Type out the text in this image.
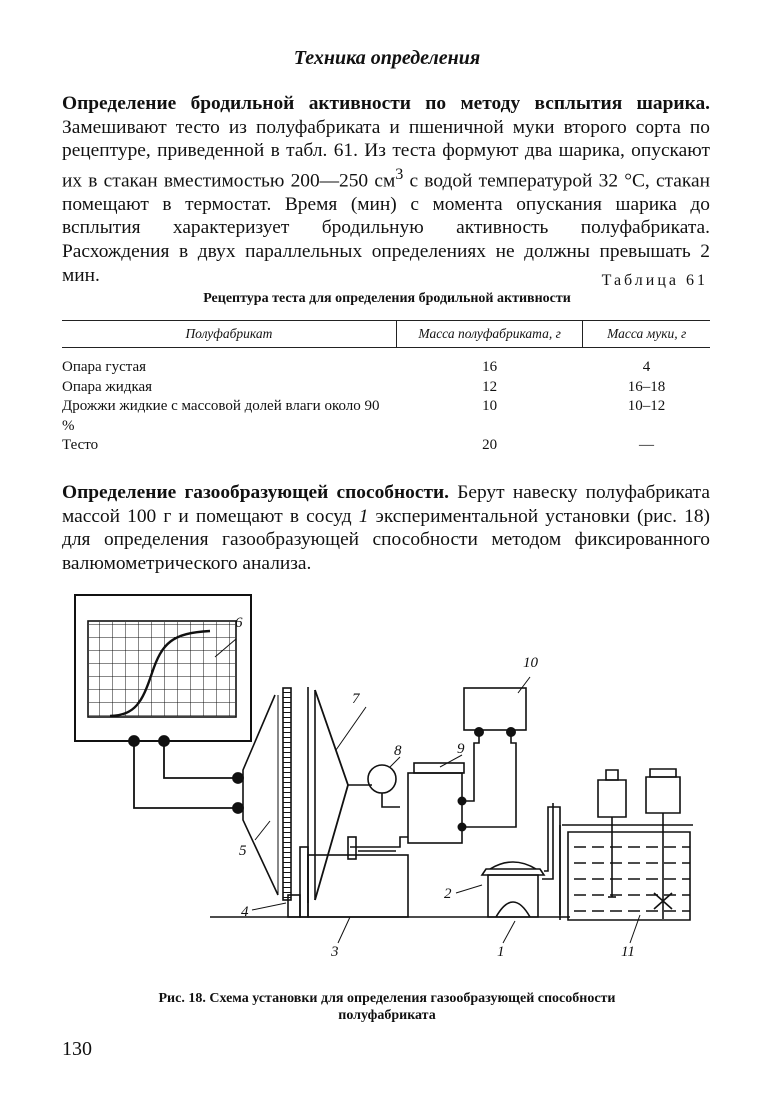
Техника определения

Определение бродильной активности по методу всплытия шарика. Замешивают тесто из полуфабриката и пшеничной муки второго сорта по рецептуре, приведенной в табл. 61. Из теста формуют два шарика, опускают их в стакан вместимостью 200—250 $см^3$ с водой температурой 32 °С, стакан помещают в термостат. Время (мин) с момента опускания шарика до всплытия характеризует бродильную активность полуфабриката. Расхождения в двух параллельных определениях не должны превышать 2 мин.	Таблица 61
Рецептура теста для определения бродильной активности
Полуфабрикат	Масса полуфабриката, г	Масса муки, г
Опара густая	16	4
Опара жидкая	12	16–18
Дрожжи жидкие с массовой долей влаги около 90 %	10	10–12
Тесто	20	—

Определение газообразующей способности. Берут навеску полуфабриката массой 100 г и помещают в сосуд 1 экспериментальной установки (рис. 18) для определения газообразующей способности методом фиксированного валюмометрического анализа.

6
10
7
8	9
5
2
4
3	1	11
Рис. 18. Схема установки для определения газообразующей способности
полуфабриката
130
